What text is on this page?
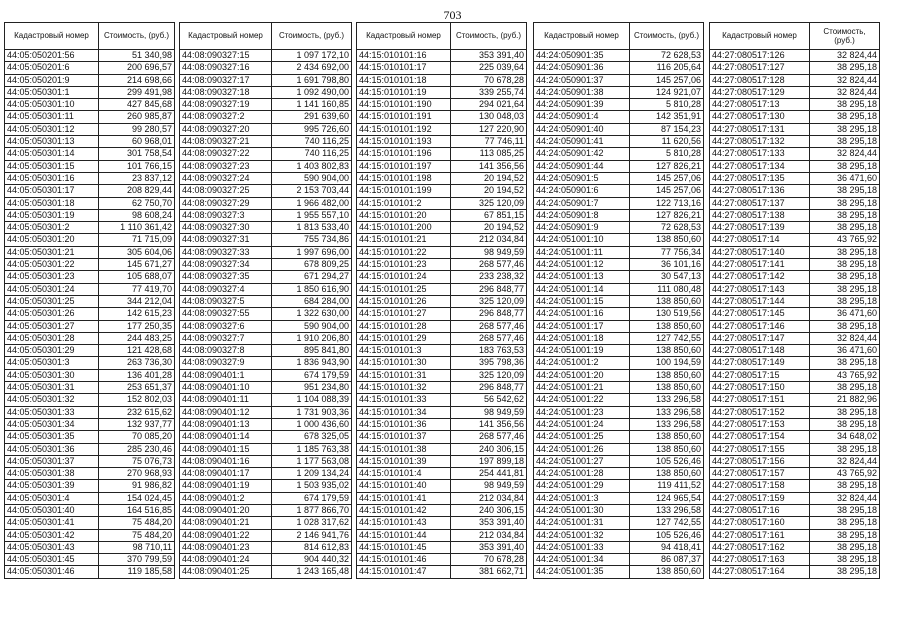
703
Кадастровый номер	Стоимость, (руб.)
44:05:050201:56	51 340,98
44:05:050201:6	200 696,57
44:05:050201:9	214 698,66
44:05:050301:1	299 491,98
44:05:050301:10	427 845,68
44:05:050301:11	260 985,87
44:05:050301:12	99 280,57
44:05:050301:13	60 968,01
44:05:050301:14	301 758,54
44:05:050301:15	101 766,15
44:05:050301:16	23 837,12
44:05:050301:17	208 829,44
44:05:050301:18	62 750,70
44:05:050301:19	98 608,24
44:05:050301:2	1 110 361,42
44:05:050301:20	71 715,09
44:05:050301:21	305 604,06
44:05:050301:22	145 671,27
44:05:050301:23	105 688,07
44:05:050301:24	77 419,70
44:05:050301:25	344 212,04
44:05:050301:26	142 615,23
44:05:050301:27	177 250,35
44:05:050301:28	244 483,25
44:05:050301:29	121 428,68
44:05:050301:3	263 736,30
44:05:050301:30	136 401,28
44:05:050301:31	253 651,37
44:05:050301:32	152 802,03
44:05:050301:33	232 615,62
44:05:050301:34	132 937,77
44:05:050301:35	70 085,20
44:05:050301:36	285 230,46
44:05:050301:37	75 076,73
44:05:050301:38	270 968,93
44:05:050301:39	91 986,82
44:05:050301:4	154 024,45
44:05:050301:40	164 516,85
44:05:050301:41	75 484,20
44:05:050301:42	75 484,20
44:05:050301:43	98 710,11
44:05:050301:45	370 799,59
44:05:050301:46	119 185,58
Кадастровый номер	Стоимость, (руб.)
44:08:090327:15	1 097 172,10
44:08:090327:16	2 434 692,00
44:08:090327:17	1 691 798,80
44:08:090327:18	1 092 490,00
44:08:090327:19	1 141 160,85
44:08:090327:2	291 639,60
44:08:090327:20	995 726,60
44:08:090327:21	740 116,25
44:08:090327:22	740 116,25
44:08:090327:23	1 403 802,83
44:08:090327:24	590 904,00
44:08:090327:25	2 153 703,44
44:08:090327:29	1 966 482,00
44:08:090327:3	1 955 557,10
44:08:090327:30	1 813 533,40
44:08:090327:31	755 734,86
44:08:090327:33	1 997 696,00
44:08:090327:34	678 809,25
44:08:090327:35	671 294,27
44:08:090327:4	1 850 616,90
44:08:090327:5	684 284,00
44:08:090327:55	1 322 630,00
44:08:090327:6	590 904,00
44:08:090327:7	1 910 206,80
44:08:090327:8	895 841,80
44:08:090327:9	1 836 943,90
44:08:090401:1	674 179,59
44:08:090401:10	951 234,80
44:08:090401:11	1 104 088,39
44:08:090401:12	1 731 903,36
44:08:090401:13	1 000 436,60
44:08:090401:14	678 325,05
44:08:090401:15	1 185 763,38
44:08:090401:16	1 177 563,08
44:08:090401:17	1 209 134,24
44:08:090401:19	1 503 935,02
44:08:090401:2	674 179,59
44:08:090401:20	1 877 866,70
44:08:090401:21	1 028 317,62
44:08:090401:22	2 146 941,76
44:08:090401:23	814 612,83
44:08:090401:24	904 440,32
44:08:090401:25	1 243 165,48
Кадастровый номер	Стоимость, (руб.)
44:15:010101:16	353 391,40
44:15:010101:17	225 039,64
44:15:010101:18	70 678,28
44:15:010101:19	339 255,74
44:15:010101:190	294 021,64
44:15:010101:191	130 048,03
44:15:010101:192	127 220,90
44:15:010101:193	77 746,11
44:15:010101:196	113 085,25
44:15:010101:197	141 356,56
44:15:010101:198	20 194,52
44:15:010101:199	20 194,52
44:15:010101:2	325 120,09
44:15:010101:20	67 851,15
44:15:010101:200	20 194,52
44:15:010101:21	212 034,84
44:15:010101:22	98 949,59
44:15:010101:23	268 577,46
44:15:010101:24	233 238,32
44:15:010101:25	296 848,77
44:15:010101:26	325 120,09
44:15:010101:27	296 848,77
44:15:010101:28	268 577,46
44:15:010101:29	268 577,46
44:15:010101:3	183 763,53
44:15:010101:30	395 798,36
44:15:010101:31	325 120,09
44:15:010101:32	296 848,77
44:15:010101:33	56 542,62
44:15:010101:34	98 949,59
44:15:010101:36	141 356,56
44:15:010101:37	268 577,46
44:15:010101:38	240 306,15
44:15:010101:39	197 899,18
44:15:010101:4	254 441,81
44:15:010101:40	98 949,59
44:15:010101:41	212 034,84
44:15:010101:42	240 306,15
44:15:010101:43	353 391,40
44:15:010101:44	212 034,84
44:15:010101:45	353 391,40
44:15:010101:46	70 678,28
44:15:010101:47	381 662,71
Кадастровый номер	Стоимость, (руб.)
44:24:050901:35	72 628,53
44:24:050901:36	116 205,64
44:24:050901:37	145 257,06
44:24:050901:38	124 921,07
44:24:050901:39	5 810,28
44:24:050901:4	142 351,91
44:24:050901:40	87 154,23
44:24:050901:41	11 620,56
44:24:050901:42	5 810,28
44:24:050901:44	127 826,21
44:24:050901:5	145 257,06
44:24:050901:6	145 257,06
44:24:050901:7	122 713,16
44:24:050901:8	127 826,21
44:24:050901:9	72 628,53
44:24:051001:10	138 850,60
44:24:051001:11	77 756,34
44:24:051001:12	36 101,16
44:24:051001:13	30 547,13
44:24:051001:14	111 080,48
44:24:051001:15	138 850,60
44:24:051001:16	130 519,56
44:24:051001:17	138 850,60
44:24:051001:18	127 742,55
44:24:051001:19	138 850,60
44:24:051001:2	100 194,59
44:24:051001:20	138 850,60
44:24:051001:21	138 850,60
44:24:051001:22	133 296,58
44:24:051001:23	133 296,58
44:24:051001:24	133 296,58
44:24:051001:25	138 850,60
44:24:051001:26	138 850,60
44:24:051001:27	105 526,46
44:24:051001:28	138 850,60
44:24:051001:29	119 411,52
44:24:051001:3	124 965,54
44:24:051001:30	133 296,58
44:24:051001:31	127 742,55
44:24:051001:32	105 526,46
44:24:051001:33	94 418,41
44:24:051001:34	86 087,37
44:24:051001:35	138 850,60
Кадастровый номер	Стоимость, (руб.)
44:27:080517:126	32 824,44
44:27:080517:127	38 295,18
44:27:080517:128	32 824,44
44:27:080517:129	32 824,44
44:27:080517:13	38 295,18
44:27:080517:130	38 295,18
44:27:080517:131	38 295,18
44:27:080517:132	38 295,18
44:27:080517:133	32 824,44
44:27:080517:134	38 295,18
44:27:080517:135	36 471,60
44:27:080517:136	38 295,18
44:27:080517:137	38 295,18
44:27:080517:138	38 295,18
44:27:080517:139	38 295,18
44:27:080517:14	43 765,92
44:27:080517:140	38 295,18
44:27:080517:141	38 295,18
44:27:080517:142	38 295,18
44:27:080517:143	38 295,18
44:27:080517:144	38 295,18
44:27:080517:145	36 471,60
44:27:080517:146	38 295,18
44:27:080517:147	32 824,44
44:27:080517:148	36 471,60
44:27:080517:149	38 295,18
44:27:080517:15	43 765,92
44:27:080517:150	38 295,18
44:27:080517:151	21 882,96
44:27:080517:152	38 295,18
44:27:080517:153	38 295,18
44:27:080517:154	34 648,02
44:27:080517:155	38 295,18
44:27:080517:156	32 824,44
44:27:080517:157	43 765,92
44:27:080517:158	38 295,18
44:27:080517:159	32 824,44
44:27:080517:16	38 295,18
44:27:080517:160	38 295,18
44:27:080517:161	38 295,18
44:27:080517:162	38 295,18
44:27:080517:163	38 295,18
44:27:080517:164	38 295,18
